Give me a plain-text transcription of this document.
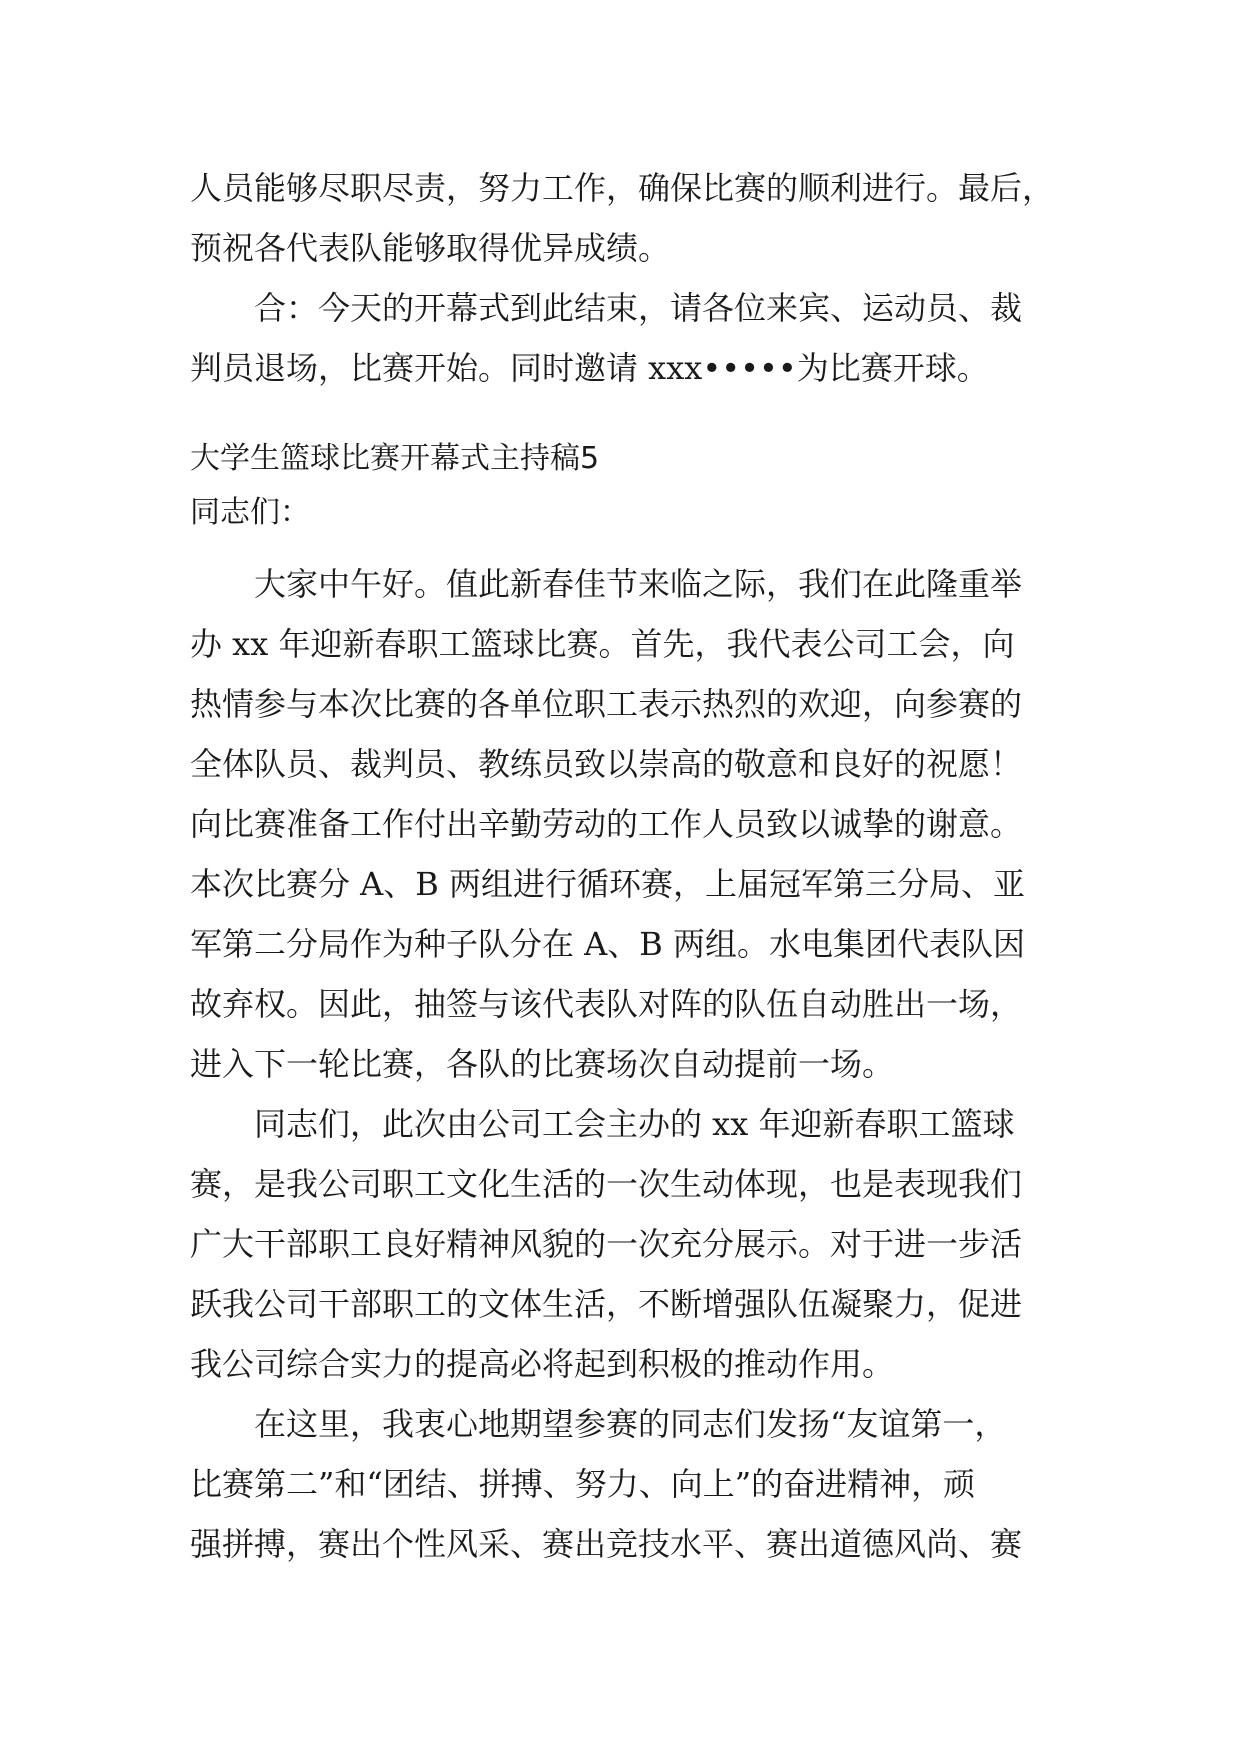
人员能够尽职尽责，努力工作，确保比赛的顺利进行。最后，
预祝各代表队能够取得优异成绩。
合：今天的开幕式到此结束，请各位来宾、运动员、裁
判员退场，比赛开始。同时邀请 xxx•••••为比赛开球。
大学生篮球比赛开幕式主持稿5
同志们：
大家中午好。值此新春佳节来临之际，我们在此隆重举
办 xx 年迎新春职工篮球比赛。首先，我代表公司工会，向
热情参与本次比赛的各单位职工表示热烈的欢迎，向参赛的
全体队员、裁判员、教练员致以崇高的敬意和良好的祝愿！
向比赛准备工作付出辛勤劳动的工作人员致以诚挚的谢意。
本次比赛分 A、B 两组进行循环赛，上届冠军第三分局、亚
军第二分局作为种子队分在 A、B 两组。水电集团代表队因
故弃权。因此，抽签与该代表队对阵的队伍自动胜出一场，
进入下一轮比赛，各队的比赛场次自动提前一场。
同志们，此次由公司工会主办的 xx 年迎新春职工篮球
赛，是我公司职工文化生活的一次生动体现，也是表现我们
广大干部职工良好精神风貌的一次充分展示。对于进一步活
跃我公司干部职工的文体生活，不断增强队伍凝聚力，促进
我公司综合实力的提高必将起到积极的推动作用。
在这里，我衷心地期望参赛的同志们发扬“友谊第一，
比赛第二”和“团结、拼搏、努力、向上”的奋进精神，顽
强拼搏，赛出个性风采、赛出竞技水平、赛出道德风尚、赛
